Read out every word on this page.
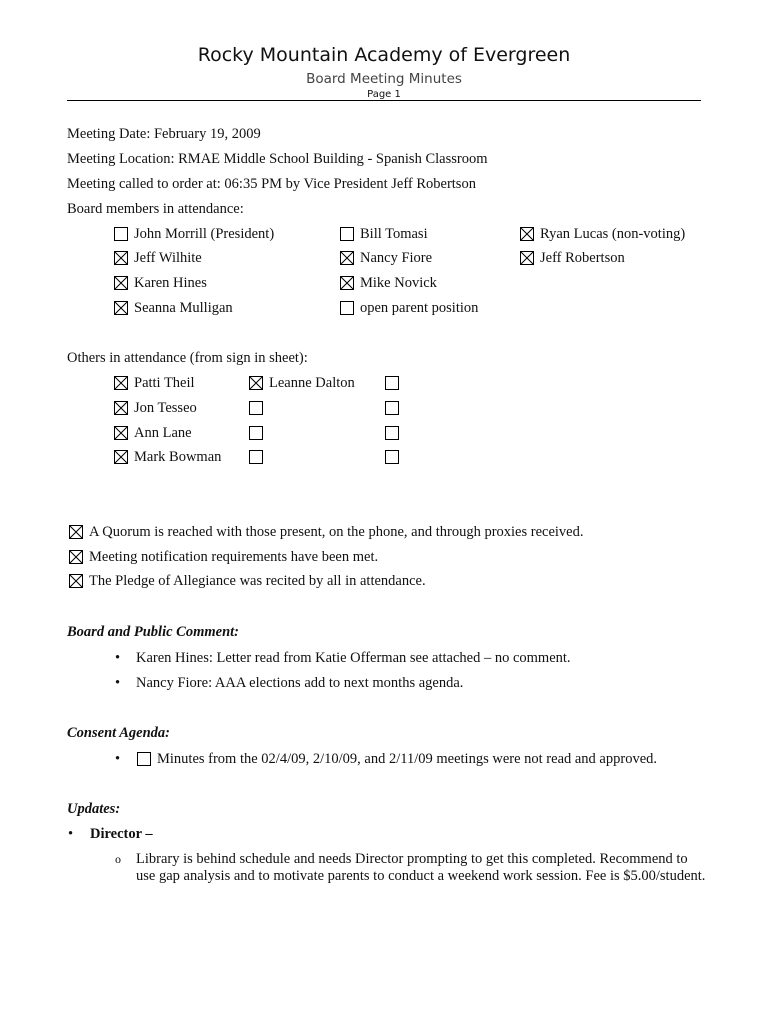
Rocky Mountain Academy of Evergreen
Board Meeting Minutes
Page 1
Meeting Date: February 19, 2009
Meeting Location: RMAE Middle School Building - Spanish Classroom
Meeting called to order at: 06:35 PM by Vice President Jeff Robertson
Board members in attendance:
John Morrill (President)	Bill Tomasi	Ryan Lucas (non-voting)
Jeff Wilhite	Nancy Fiore	Jeff Robertson
Karen Hines	Mike Novick
Seanna Mulligan	open parent position
Others in attendance (from sign in sheet):
Patti Theil	Leanne Dalton
Jon Tesseo
Ann Lane
Mark Bowman
A Quorum is reached with those present, on the phone, and through proxies received.
Meeting notification requirements have been met.
The Pledge of Allegiance was recited by all in attendance.
Board and Public Comment:
• Karen Hines: Letter read from Katie Offerman see attached – no comment.
• Nancy Fiore: AAA elections add to next months agenda.
Consent Agenda:
•	Minutes from the 02/4/09, 2/10/09, and 2/11/09 meetings were not read and approved.
Updates:
• Director –
o Library is behind schedule and needs Director prompting to get this completed. Recommend to use gap analysis and to motivate parents to conduct a weekend work session. Fee is $5.00/student.
